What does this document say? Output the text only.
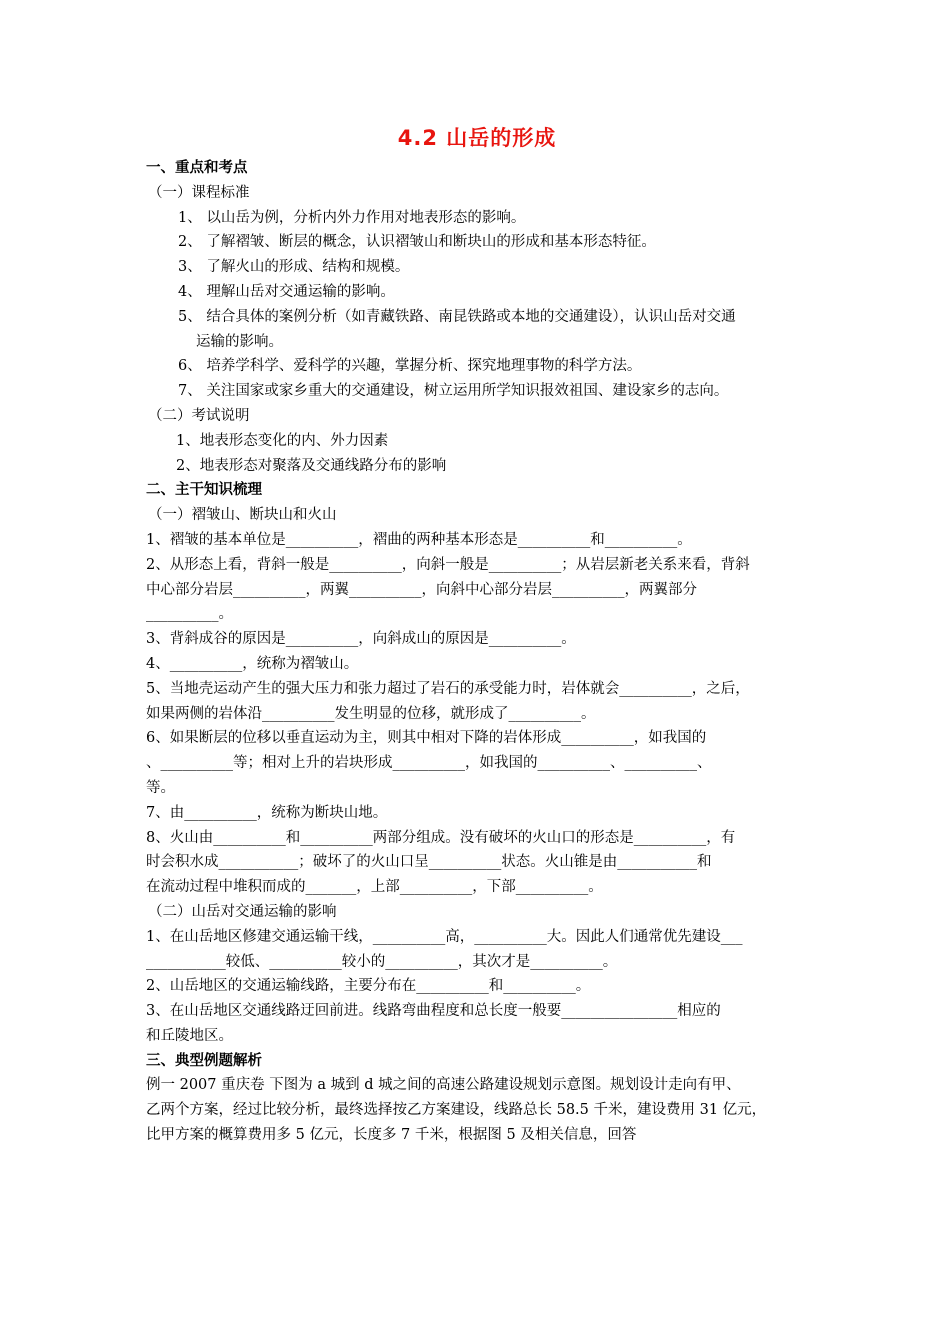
4.2 山岳的形成

一、重点和考点

（一）课程标准

1、 以山岳为例，分析内外力作用对地表形态的影响。

2、 了解褶皱、断层的概念，认识褶皱山和断块山的形成和基本形态特征。

3、 了解火山的形成、结构和规模。

4、 理解山岳对交通运输的影响。

5、 结合具体的案例分析（如青藏铁路、南昆铁路或本地的交通建设），认识山岳对交通

运输的影响。

6、 培养学科学、爱科学的兴趣，掌握分析、探究地理事物的科学方法。

7、 关注国家或家乡重大的交通建设，树立运用所学知识报效祖国、建设家乡的志向。

（二）考试说明

1、地表形态变化的内、外力因素

2、地表形态对聚落及交通线路分布的影响

二、主干知识梳理

（一）褶皱山、断块山和火山

1、褶皱的基本单位是__________，褶曲的两种基本形态是__________和__________。

2、从形态上看，背斜一般是__________，向斜一般是__________；从岩层新老关系来看，背斜

中心部分岩层__________，两翼__________，向斜中心部分岩层__________，两翼部分

__________。

3、背斜成谷的原因是__________，向斜成山的原因是__________。

4、__________，统称为褶皱山。

5、当地壳运动产生的强大压力和张力超过了岩石的承受能力时，岩体就会__________，之后，

如果两侧的岩体沿__________发生明显的位移，就形成了__________。

6、如果断层的位移以垂直运动为主，则其中相对下降的岩体形成__________，如我国的

、__________等；相对上升的岩块形成__________，如我国的__________、__________、

等。

7、由__________，统称为断块山地。

8、火山由__________和__________两部分组成。没有破坏的火山口的形态是__________，有

时会积水成___________；破坏了的火山口呈__________状态。火山锥是由___________和

在流动过程中堆积而成的_______，上部__________，下部__________。

（二）山岳对交通运输的影响

1、在山岳地区修建交通运输干线，__________高，__________大。因此人们通常优先建设___

___________较低、__________较小的__________，其次才是__________。

2、山岳地区的交通运输线路，主要分布在__________和__________。

3、在山岳地区交通线路迂回前进。线路弯曲程度和总长度一般要________________相应的

和丘陵地区。

三、典型例题解析

例一 2007 重庆卷 下图为 a 城到 d 城之间的高速公路建设规划示意图。规划设计走向有甲、

乙两个方案，经过比较分析，最终选择按乙方案建设，线路总长 58.5 千米，建设费用 31 亿元，

比甲方案的概算费用多 5 亿元，长度多 7 千米，根据图 5 及相关信息，回答
